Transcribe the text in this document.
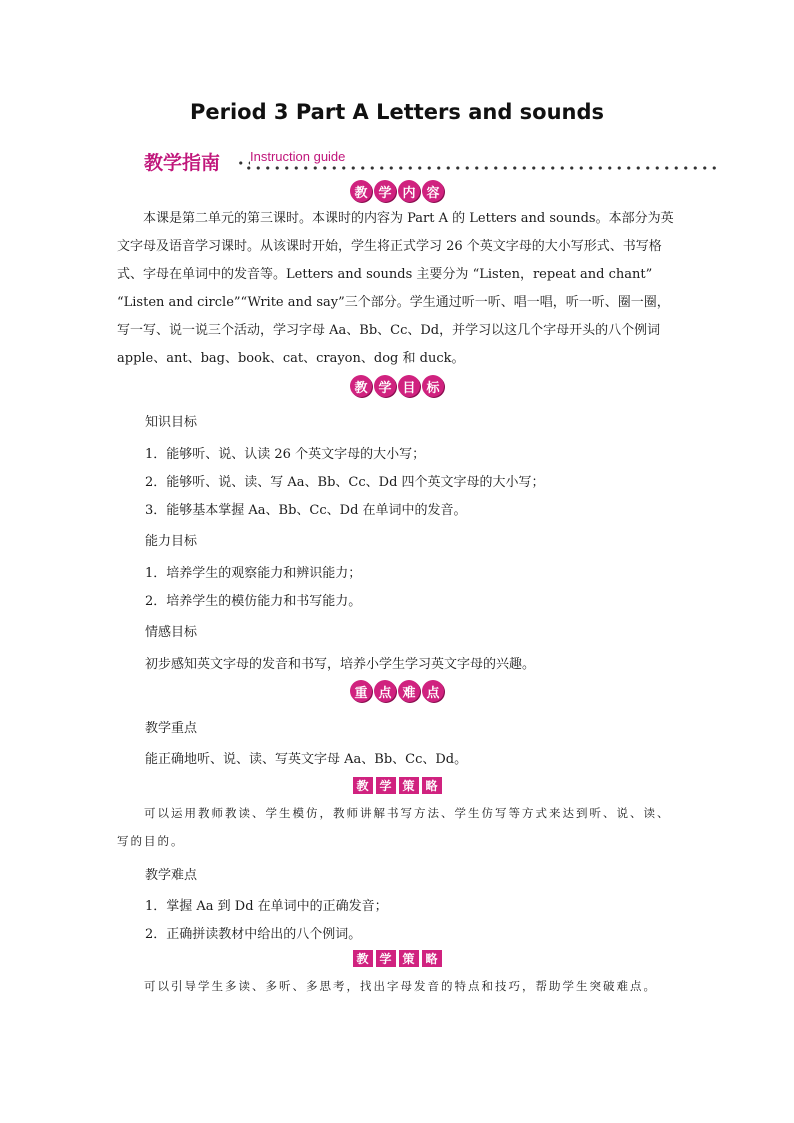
Period 3 Part A Letters and sounds
教学指南 Instruction guide
教 学 内 容

本课是第二单元的第三课时。本课时的内容为 Part A 的 Letters and sounds。本部分为英文字母及语音学习课时。从该课时开始，学生将正式学习 26 个英文字母的大小写形式、书写格式、字母在单词中的发音等。Letters and sounds 主要分为 “Listen，repeat and chant” “Listen and circle”“Write and say”三个部分。学生通过听一听、唱一唱，听一听、圈一圈，写一写、说一说三个活动，学习字母 Aa、Bb、Cc、Dd，并学习以这几个字母开头的八个例词 apple、ant、bag、book、cat、crayon、dog 和 duck。

教 学 目 标

知识目标

1．能够听、说、认读 26 个英文字母的大小写；

2．能够听、说、读、写 Aa、Bb、Cc、Dd 四个英文字母的大小写；

3．能够基本掌握 Aa、Bb、Cc、Dd 在单词中的发音。

能力目标

1．培养学生的观察能力和辨识能力；

2．培养学生的模仿能力和书写能力。

情感目标

初步感知英文字母的发音和书写，培养小学生学习英文字母的兴趣。

重 点 难 点

教学重点

能正确地听、说、读、写英文字母 Aa、Bb、Cc、Dd。

教 学 策 略

可以运用教师教读、学生模仿，教师讲解书写方法、学生仿写等方式来达到听、说、读、写的目的。

教学难点

1．掌握 Aa 到 Dd 在单词中的正确发音；

2．正确拼读教材中给出的八个例词。

教 学 策 略

可以引导学生多读、多听、多思考，找出字母发音的特点和技巧，帮助学生突破难点。
